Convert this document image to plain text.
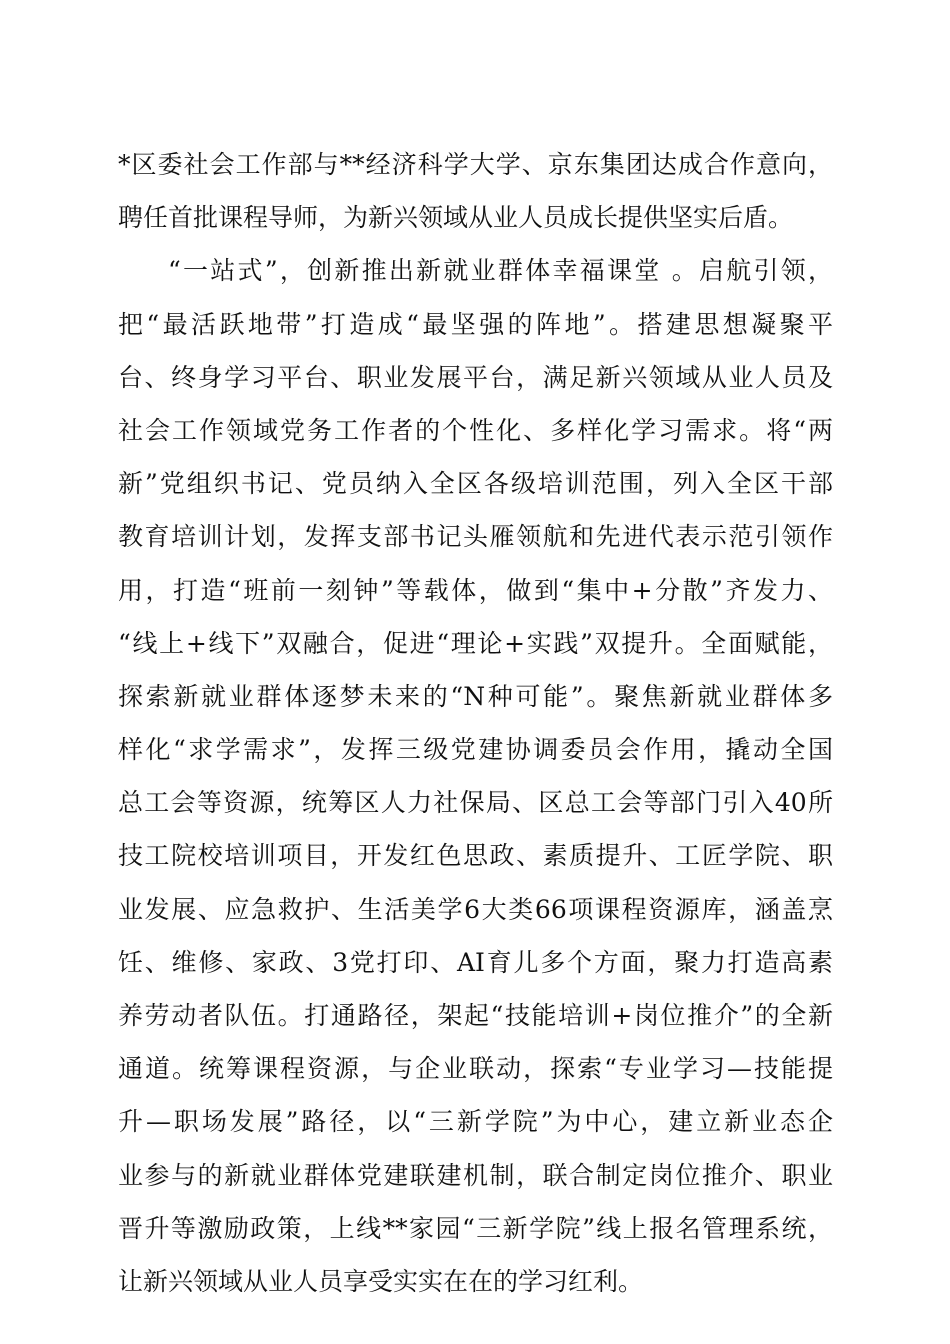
*区委社会工作部与**经济科学大学、京东集团达成合作意向，
聘任首批课程导师，为新兴领域从业人员成长提供坚实后盾。
“一站式”，创新推出新就业群体幸福课堂 。启航引领，
把“最活跃地带”打造成“最坚强的阵地”。搭建思想凝聚平
台、终身学习平台、职业发展平台，满足新兴领域从业人员及
社会工作领域党务工作者的个性化、多样化学习需求。将“两
新”党组织书记、党员纳入全区各级培训范围，列入全区干部
教育培训计划，发挥支部书记头雁领航和先进代表示范引领作
用，打造“班前一刻钟”等载体，做到“集中+分散”齐发力、
“线上+线下”双融合，促进“理论+实践”双提升。全面赋能，
探索新就业群体逐梦未来的“N种可能”。聚焦新就业群体多
样化“求学需求”，发挥三级党建协调委员会作用，撬动全国
总工会等资源，统筹区人力社保局、区总工会等部门引入40所
技工院校培训项目，开发红色思政、素质提升、工匠学院、职
业发展、应急救护、生活美学6大类66项课程资源库，涵盖烹
饪、维修、家政、3党打印、AI育儿多个方面，聚力打造高素
养劳动者队伍。打通路径，架起“技能培训+岗位推介”的全新
通道。统筹课程资源，与企业联动，探索“专业学习—技能提
升—职场发展”路径，以“三新学院”为中心，建立新业态企
业参与的新就业群体党建联建机制，联合制定岗位推介、职业
晋升等激励政策，上线**家园“三新学院”线上报名管理系统，
让新兴领域从业人员享受实实在在的学习红利。
